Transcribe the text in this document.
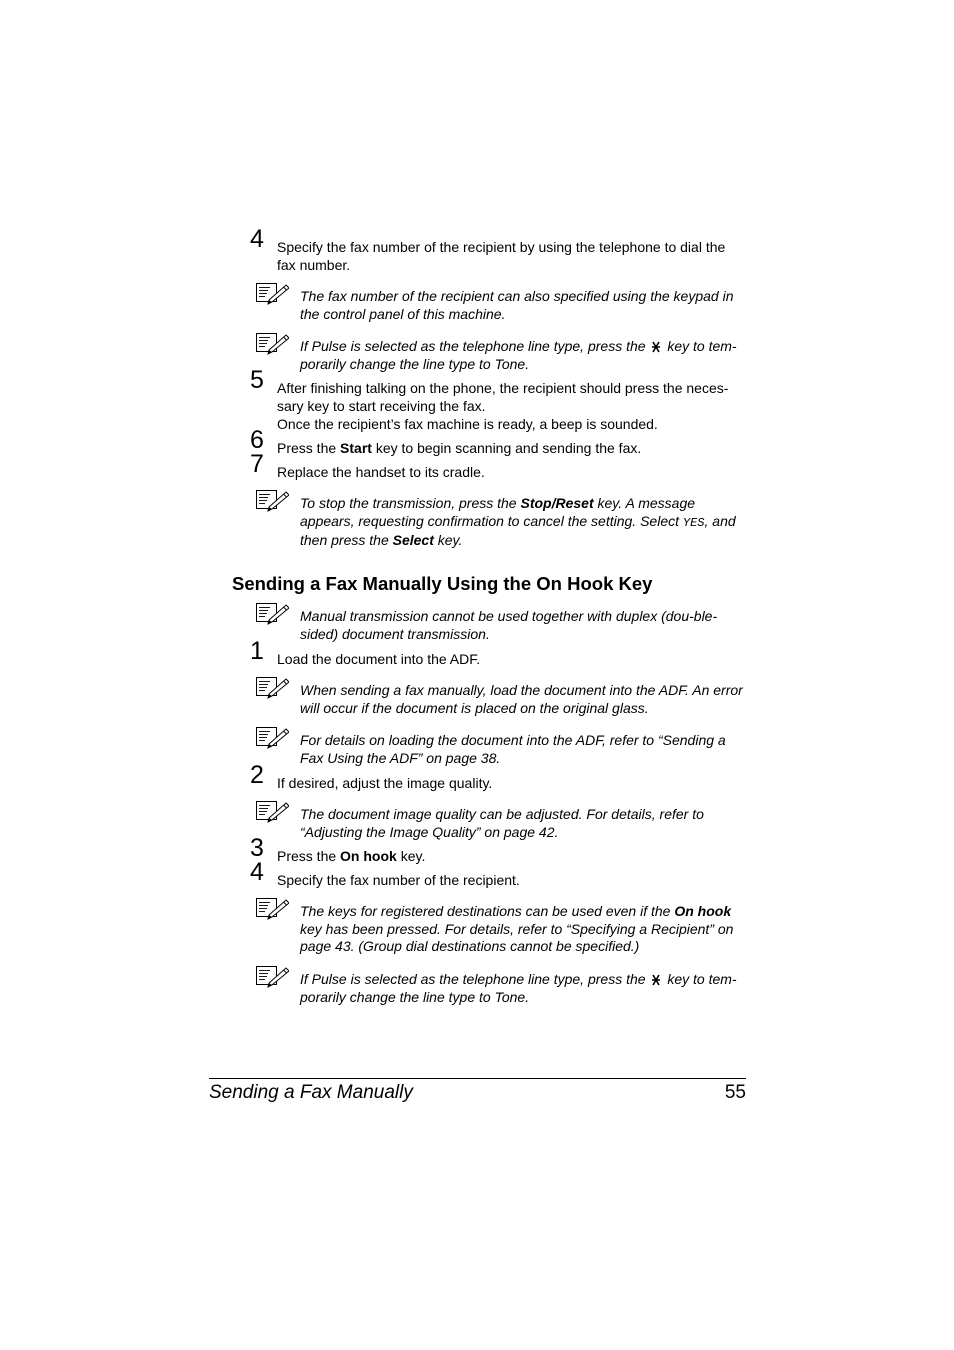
4 Specify the fax number of the recipient by using the telephone to dial the fax number.
The fax number of the recipient can also specified using the keypad in the control panel of this machine.
If Pulse is selected as the telephone line type, press the  key to tem-
porarily change the line type to Tone.
5 After finishing talking on the phone, the recipient should press the neces-
sary key to start receiving the fax.
Once the recipient’s fax machine is ready, a beep is sounded.
6 Press the Start key to begin scanning and sending the fax.
7 Replace the handset to its cradle.
To stop the transmission, press the Stop/Reset key. A message appears, requesting confirmation to cancel the setting. Select YES, and then press the Select key.
Sending a Fax Manually Using the On Hook Key
Manual transmission cannot be used together with duplex (dou-ble-sided) document transmission.
1 Load the document into the ADF.
When sending a fax manually, load the document into the ADF. An error will occur if the document is placed on the original glass.
For details on loading the document into the ADF, refer to “Sending a Fax Using the ADF” on page 38.
2 If desired, adjust the image quality.
The document image quality can be adjusted. For details, refer to “Adjusting the Image Quality” on page 42.
3 Press the On hook key.
4 Specify the fax number of the recipient.
The keys for registered destinations can be used even if the On hook key has been pressed. For details, refer to “Specifying a Recipient” on page 43. (Group dial destinations cannot be specified.)
If Pulse is selected as the telephone line type, press the  key to tem-
porarily change the line type to Tone.
Sending a Fax Manually	55
